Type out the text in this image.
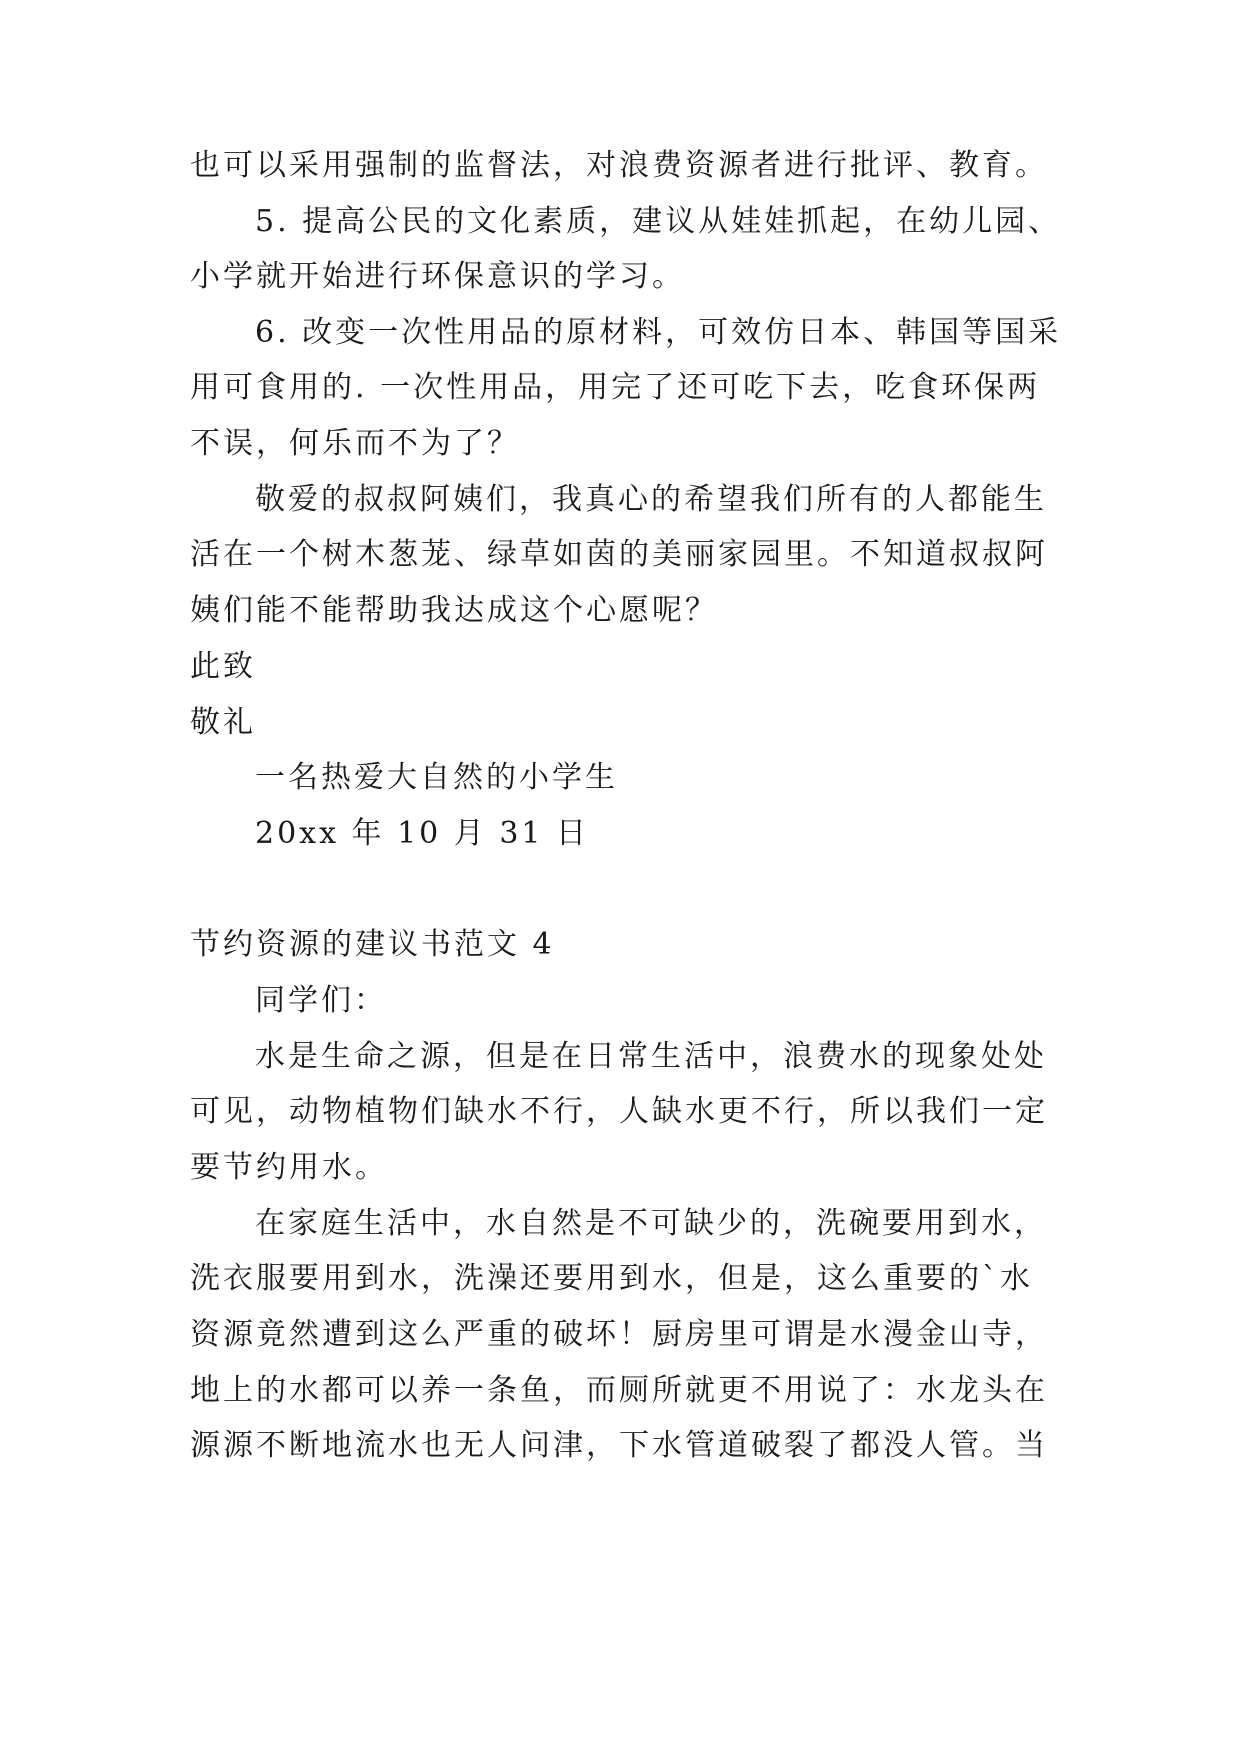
也可以采用强制的监督法，对浪费资源者进行批评、教育。
5. 提高公民的文化素质，建议从娃娃抓起，在幼儿园、
小学就开始进行环保意识的学习。
6. 改变一次性用品的原材料，可效仿日本、韩国等国采
用可食用的. 一次性用品，用完了还可吃下去，吃食环保两
不误，何乐而不为了？
敬爱的叔叔阿姨们，我真心的希望我们所有的人都能生
活在一个树木葱茏、绿草如茵的美丽家园里。不知道叔叔阿
姨们能不能帮助我达成这个心愿呢？
此致
敬礼
一名热爱大自然的小学生
20xx 年 10 月 31 日
节约资源的建议书范文 4
同学们：
水是生命之源，但是在日常生活中，浪费水的现象处处
可见，动物植物们缺水不行，人缺水更不行，所以我们一定
要节约用水。
在家庭生活中，水自然是不可缺少的，洗碗要用到水，
洗衣服要用到水，洗澡还要用到水，但是，这么重要的`水
资源竟然遭到这么严重的破坏！厨房里可谓是水漫金山寺，
地上的水都可以养一条鱼，而厕所就更不用说了：水龙头在
源源不断地流水也无人问津，下水管道破裂了都没人管。当
